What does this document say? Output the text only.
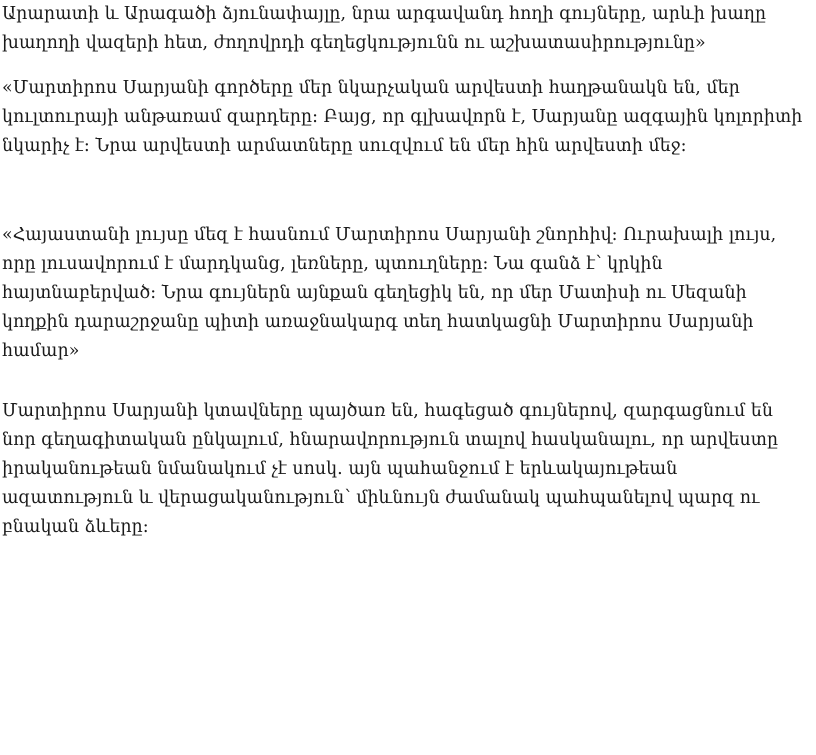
Արարատի և Արագածի ձյունափայլը, նրա արգավանդ հողի գույները, արևի խաղը խաղողի վազերի հետ, ժողովրդի գեղեցկությունն ու աշխատասիրությունը»

«Մարտիրոս Սարյանի գործերը մեր նկարչական արվեստի հաղթանակն են, մեր կուլտուրայի անթառամ զարդերը։ Բայց, որ գլխավորն է, Սարյանը ազգային կոլորիտի նկարիչ է։ Նրա արվեստի արմատները սուզվում են մեր հին արվեստի մեջ։

«Հայաստանի լույսը մեզ է հասնում Մարտիրոս Սարյանի շնորհիվ: Ուրախալի լույս, որը լուսավորում է մարդկանց, լեռները, պտուղները: Նա գանձ է՝ կրկին հայտնաբերված: Նրա գույներն այնքան գեղեցիկ են, որ մեր Մատիսի ու Սեզանի կողքին դարաշրջանը պիտի առաջնակարգ տեղ հատկացնի Մարտիրոս Սարյանի համար»

Մարտիրոս Սարյանի կտավները պայծառ են, հագեցած գույներով, զարգացնում են նոր գեղագիտական ընկալում, հնարավորություն տալով հասկանալու, որ արվեստը իրականութեան նմանակում չէ սոսկ. այն պահանջում է երևակայութեան ազատություն և վերացականություն՝ միևնույն ժամանակ պահպանելով պարզ ու բնական ձևերը:
